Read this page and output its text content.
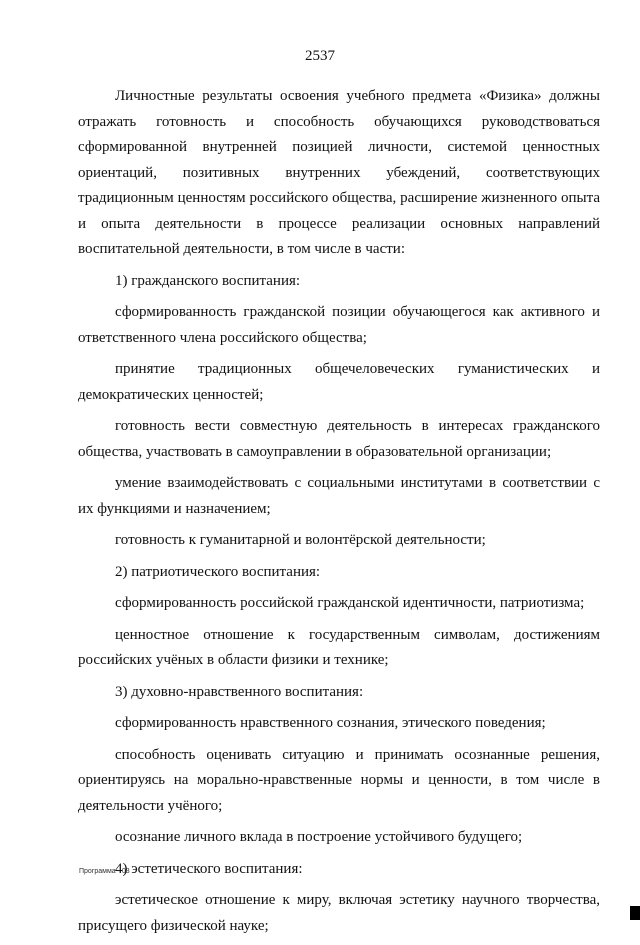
2537

Личностные результаты освоения учебного предмета «Физика» должны отражать готовность и способность обучающихся руководствоваться сформированной внутренней позицией личности, системой ценностных ориентаций, позитивных внутренних убеждений, соответствующих традиционным ценностям российского общества, расширение жизненного опыта и опыта деятельности в процессе реализации основных направлений воспитательной деятельности, в том числе в части:

1) гражданского воспитания:

сформированность гражданской позиции обучающегося как активного и ответственного члена российского общества;

принятие традиционных общечеловеческих гуманистических и демократических ценностей;

готовность вести совместную деятельность в интересах гражданского общества, участвовать в самоуправлении в образовательной организации;

умение взаимодействовать с социальными институтами в соответствии с их функциями и назначением;

готовность к гуманитарной и волонтёрской деятельности;

2) патриотического воспитания:

сформированность российской гражданской идентичности, патриотизма;

ценностное отношение к государственным символам, достижениям российских учёных в области физики и технике;

3) духовно-нравственного воспитания:

сформированность нравственного сознания, этического поведения;

способность оценивать ситуацию и принимать осознанные решения, ориентируясь на морально-нравственные нормы и ценности, в том числе в деятельности учёного;

осознание личного вклада в построение устойчивого будущего;

4) эстетического воспитания:

эстетическое отношение к миру, включая эстетику научного творчества, присущего физической науке;

Программа - 03
